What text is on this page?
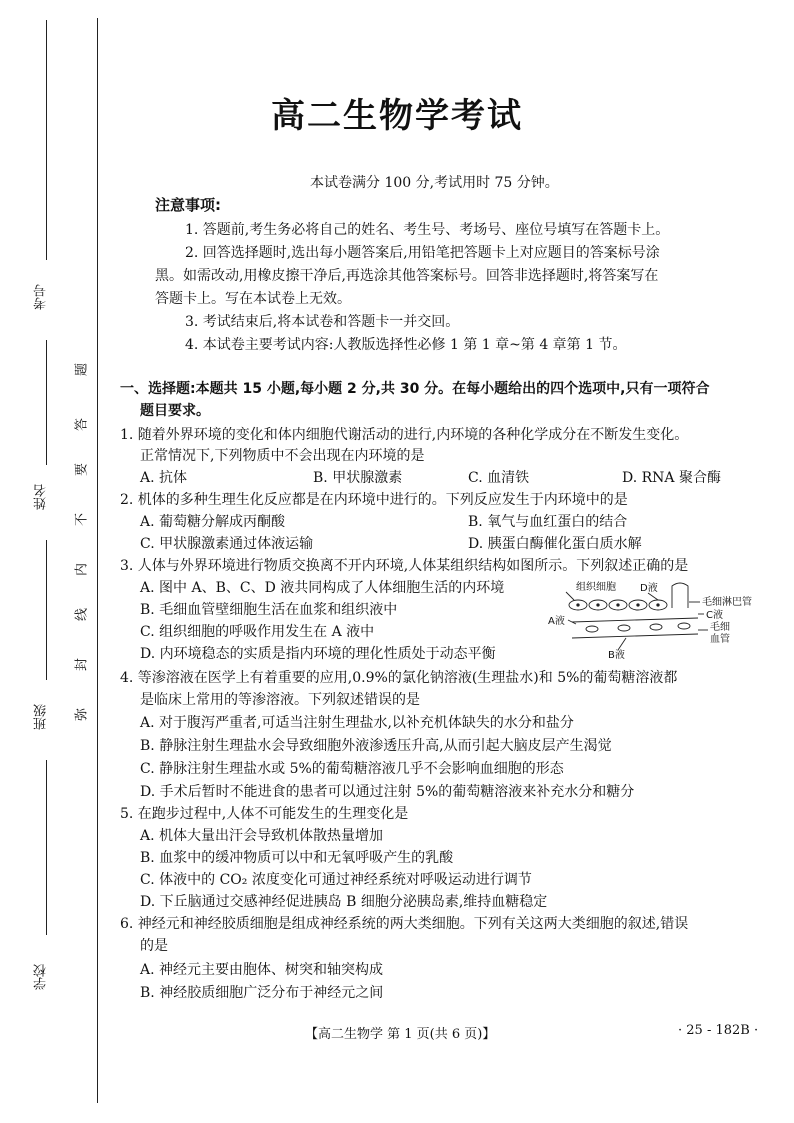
考号
姓名
班级
学校
题
答
要
不
内
线
封
弥
高二生物学考试
本试卷满分 100 分,考试用时 75 分钟。
注意事项:
1. 答题前,考生务必将自己的姓名、考生号、考场号、座位号填写在答题卡上。
2. 回答选择题时,选出每小题答案后,用铅笔把答题卡上对应题目的答案标号涂
黑。如需改动,用橡皮擦干净后,再选涂其他答案标号。回答非选择题时,将答案写在
答题卡上。写在本试卷上无效。
3. 考试结束后,将本试卷和答题卡一并交回。
4. 本试卷主要考试内容:人教版选择性必修 1 第 1 章~第 4 章第 1 节。
一、选择题:本题共 15 小题,每小题 2 分,共 30 分。在每小题给出的四个选项中,只有一项符合
题目要求。
1. 随着外界环境的变化和体内细胞代谢活动的进行,内环境的各种化学成分在不断发生变化。
正常情况下,下列物质中不会出现在内环境的是
A. 抗体	B. 甲状腺激素	C. 血清铁	D. RNA 聚合酶
2. 机体的多种生理生化反应都是在内环境中进行的。下列反应发生于内环境中的是
A. 葡萄糖分解成丙酮酸	B. 氧气与血红蛋白的结合
C. 甲状腺激素通过体液运输	D. 胰蛋白酶催化蛋白质水解
3. 人体与外界环境进行物质交换离不开内环境,人体某组织结构如图所示。下列叙述正确的是
A. 图中 A、B、C、D 液共同构成了人体细胞生活的内环境
B. 毛细血管壁细胞生活在血浆和组织液中
C. 组织细胞的呼吸作用发生在 A 液中
D. 内环境稳态的实质是指内环境的理化性质处于动态平衡
组织细胞 D液
毛细淋巴管
C液
毛细
血管
A液
B液
4. 等渗溶液在医学上有着重要的应用,0.9%的氯化钠溶液(生理盐水)和 5%的葡萄糖溶液都
是临床上常用的等渗溶液。下列叙述错误的是
A. 对于腹泻严重者,可适当注射生理盐水,以补充机体缺失的水分和盐分
B. 静脉注射生理盐水会导致细胞外液渗透压升高,从而引起大脑皮层产生渴觉
C. 静脉注射生理盐水或 5%的葡萄糖溶液几乎不会影响血细胞的形态
D. 手术后暂时不能进食的患者可以通过注射 5%的葡萄糖溶液来补充水分和糖分
5. 在跑步过程中,人体不可能发生的生理变化是
A. 机体大量出汗会导致机体散热量增加
B. 血浆中的缓冲物质可以中和无氧呼吸产生的乳酸
C. 体液中的 CO₂ 浓度变化可通过神经系统对呼吸运动进行调节
D. 下丘脑通过交感神经促进胰岛 B 细胞分泌胰岛素,维持血糖稳定
6. 神经元和神经胶质细胞是组成神经系统的两大类细胞。下列有关这两大类细胞的叙述,错误
的是
A. 神经元主要由胞体、树突和轴突构成
B. 神经胶质细胞广泛分布于神经元之间
【高二生物学 第 1 页(共 6 页)】	· 25 - 182B ·
